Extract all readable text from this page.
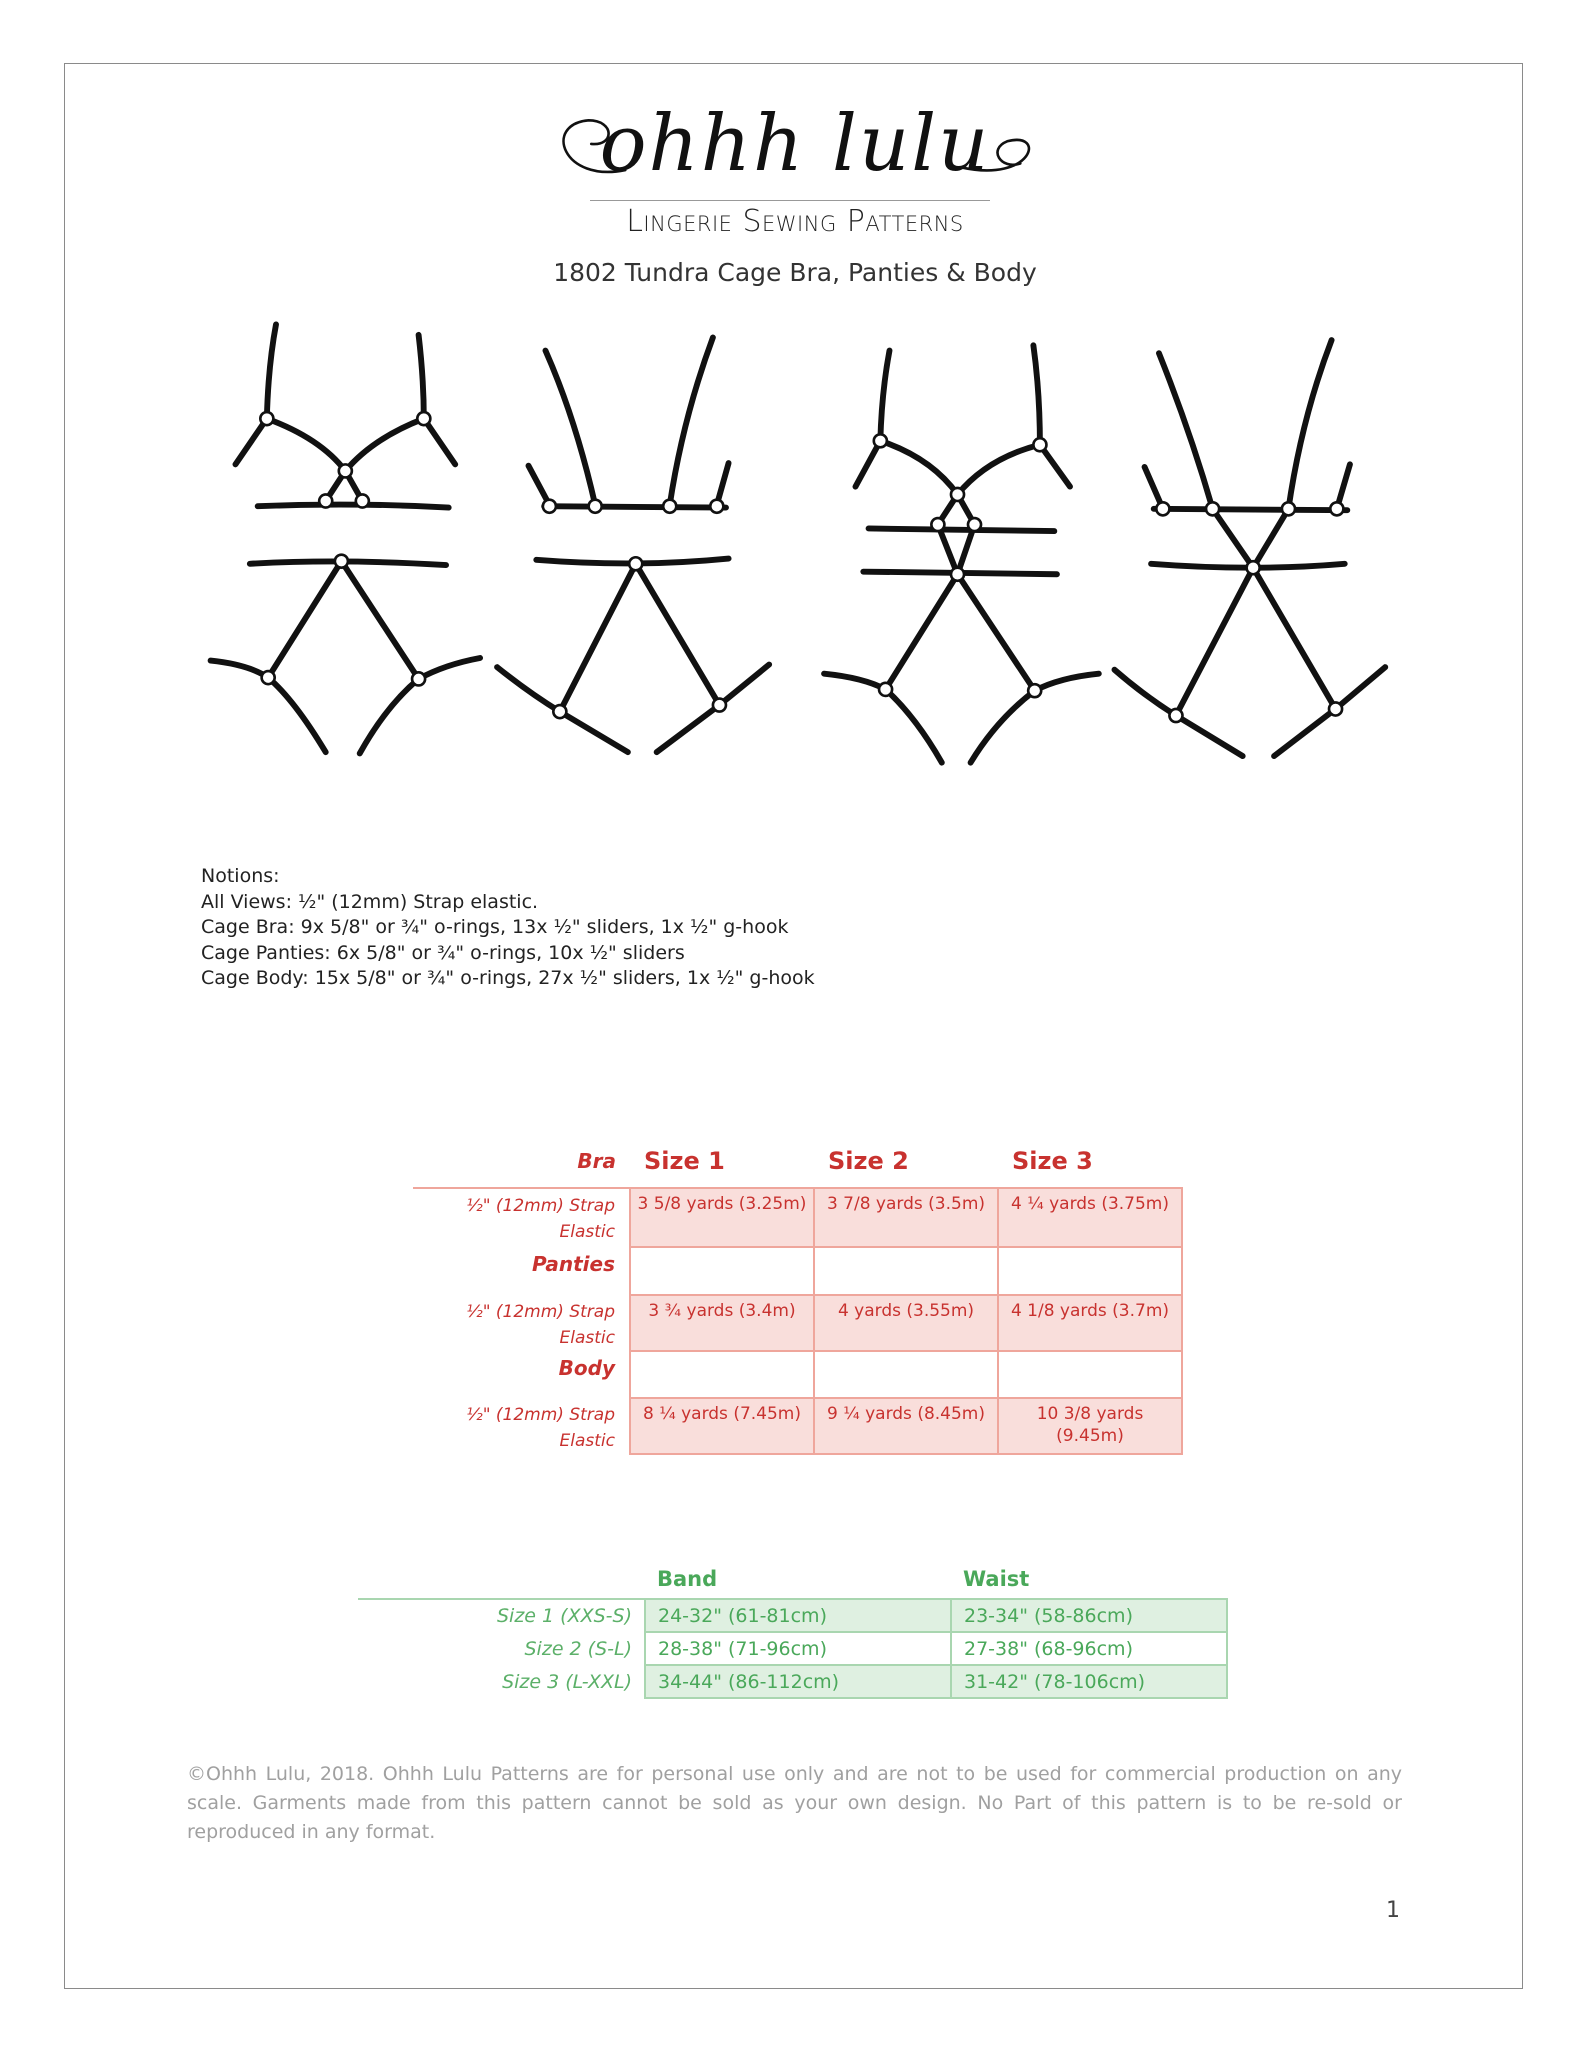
ohhh lulu
Lingerie Sewing Patterns
1802 Tundra Cage Bra, Panties & Body
Notions:
All Views: ½" (12mm) Strap elastic.
Cage Bra: 9x 5/8" or ¾" o-rings, 13x ½" sliders, 1x ½" g-hook
Cage Panties: 6x 5/8" or ¾" o-rings, 10x ½" sliders
Cage Body: 15x 5/8" or ¾" o-rings, 27x ½" sliders, 1x ½" g-hook
Bra	Size 1	Size 2	Size 3
½" (12mm) Strap Elastic	3 5/8 yards (3.25m)	3 7/8 yards (3.5m)	4 ¼ yards (3.75m)
Panties			
½" (12mm) Strap Elastic	3 ¾ yards (3.4m)	4 yards (3.55m)	4 1/8 yards (3.7m)
Body			
½" (12mm) Strap Elastic	8 ¼ yards (7.45m)	9 ¼ yards (8.45m)	10 3/8 yards (9.45m)
	Band	Waist
Size 1 (XXS-S)	24-32" (61-81cm)	23-34" (58-86cm)
Size 2 (S-L)	28-38" (71-96cm)	27-38" (68-96cm)
Size 3 (L-XXL)	34-44" (86-112cm)	31-42" (78-106cm)
©Ohhh Lulu, 2018. Ohhh Lulu Patterns are for personal use only and are not to be used for commercial production on any scale. Garments made from this pattern cannot be sold as your own design. No Part of this pattern is to be re-sold or reproduced in any format.
1
